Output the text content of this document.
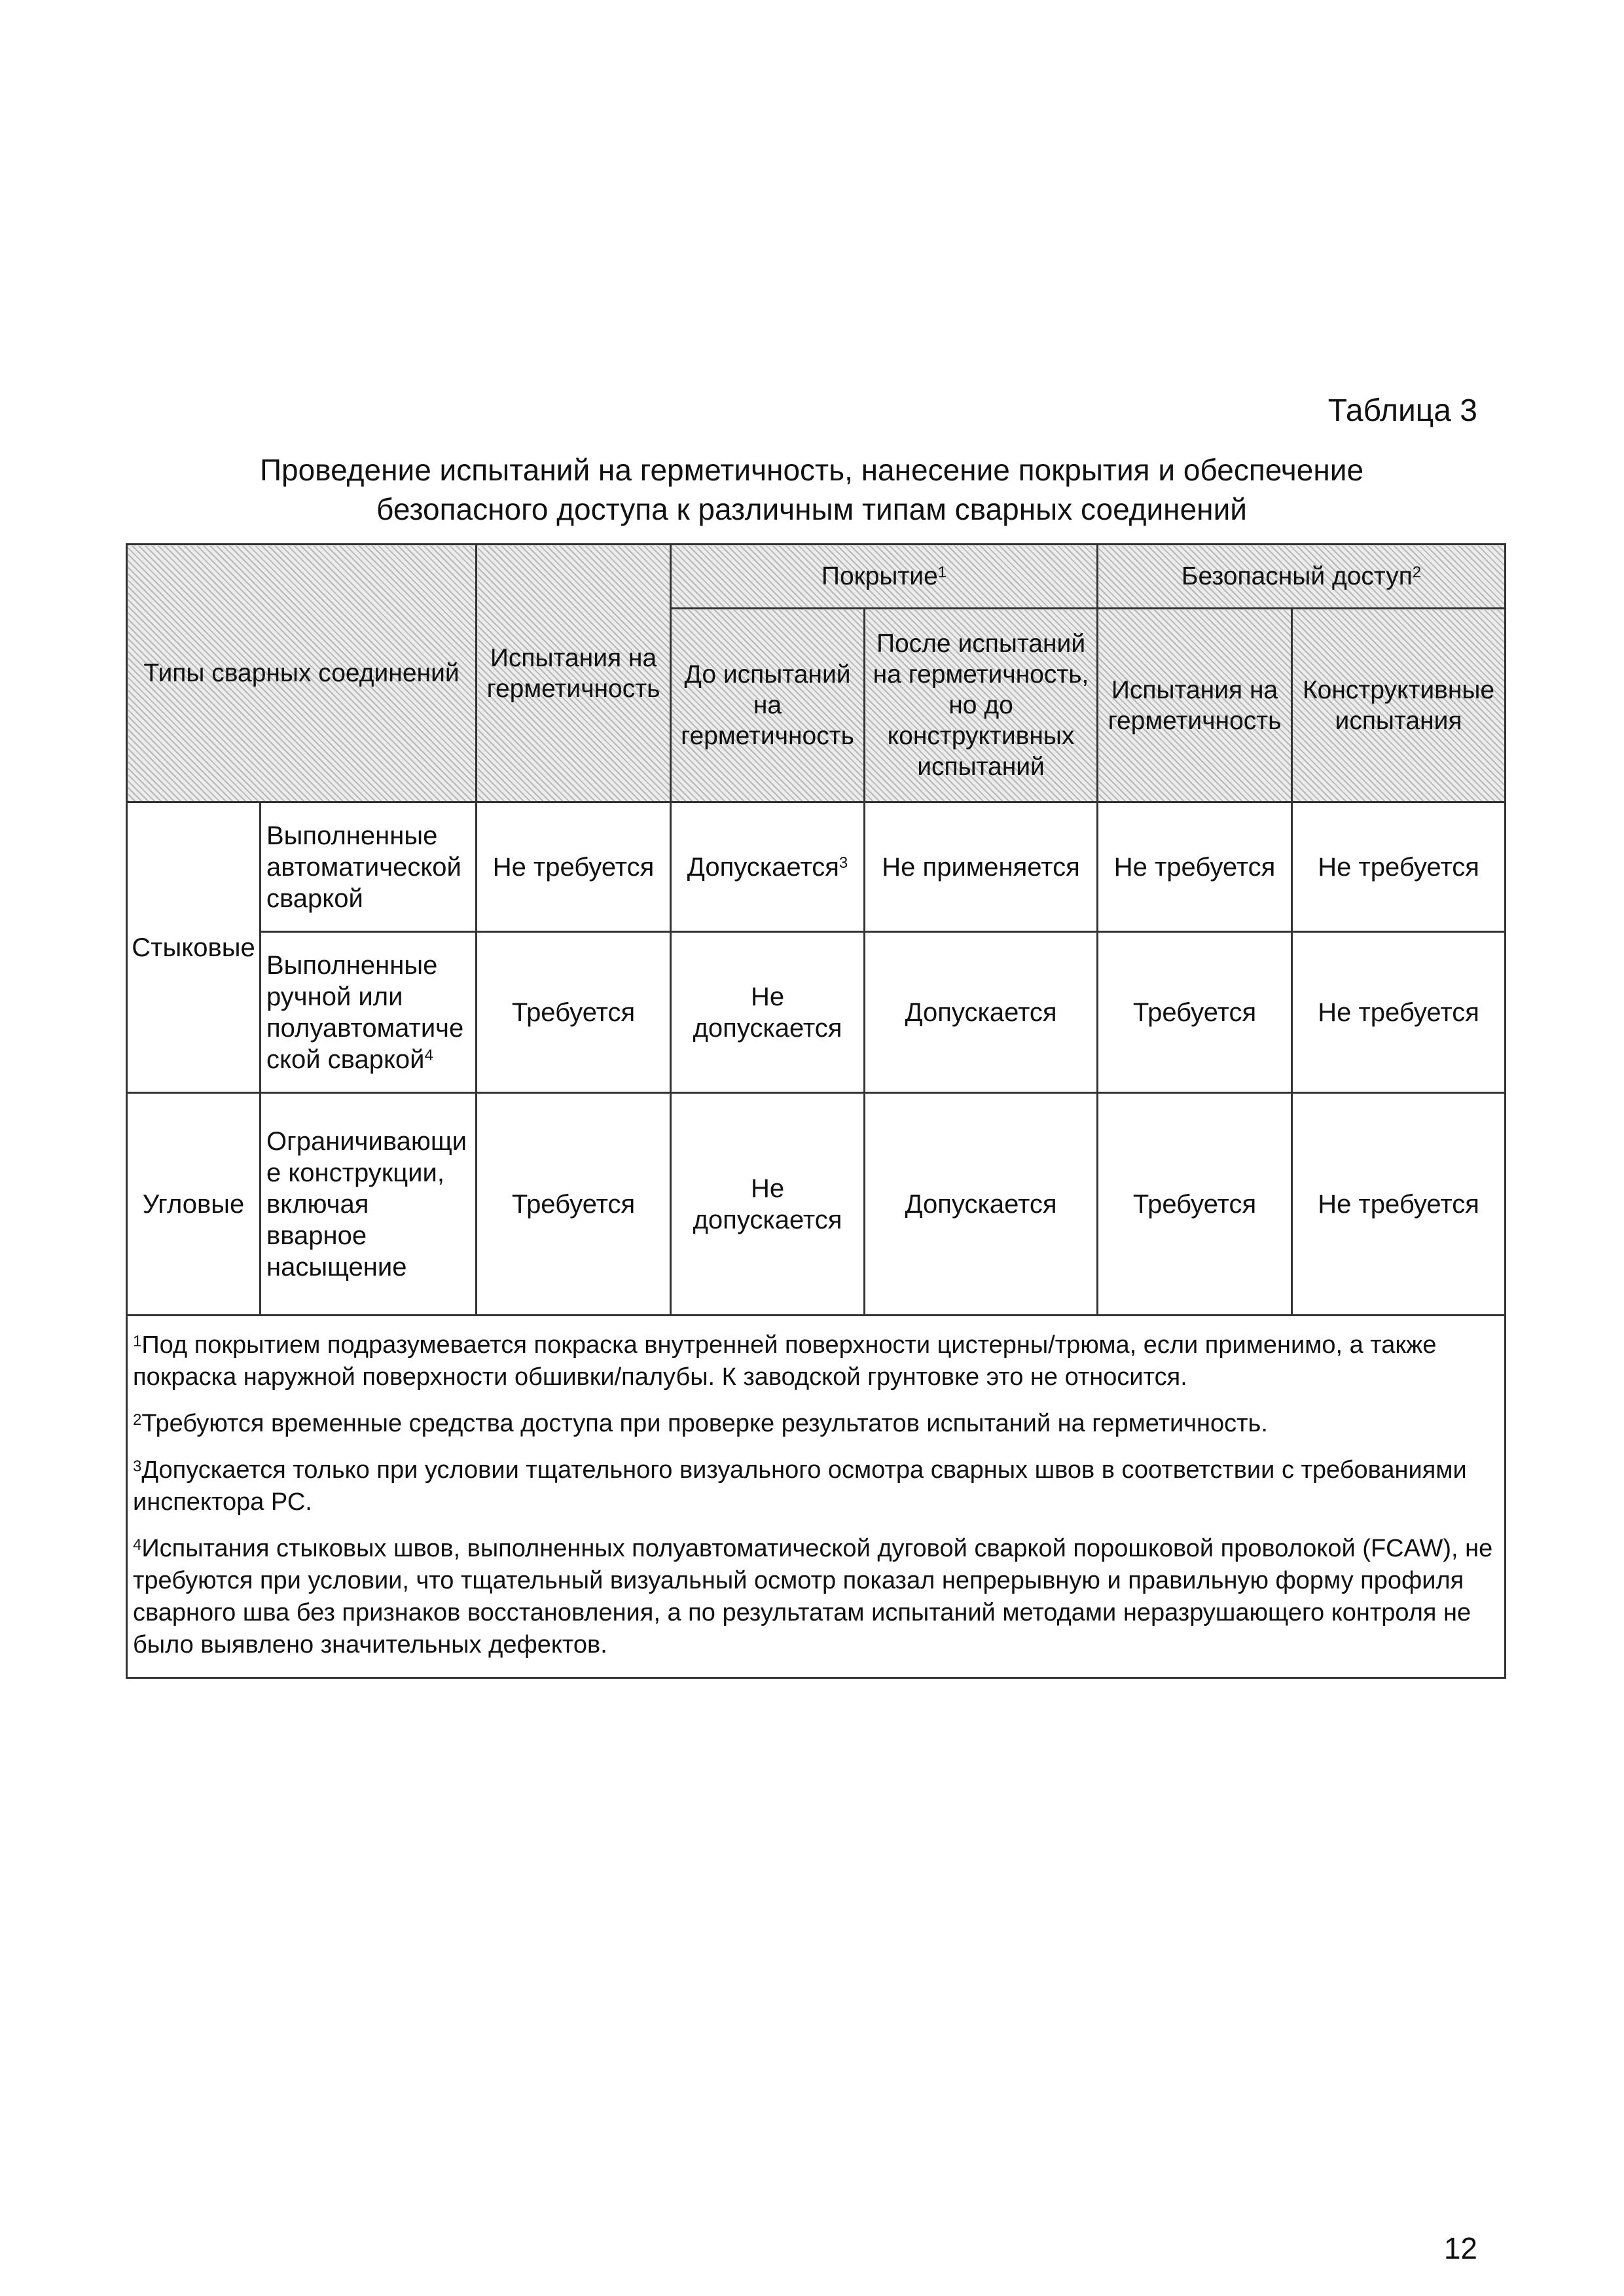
Таблица 3
Проведение испытаний на герметичность, нанесение покрытия и обеспечение
безопасного доступа к различным типам сварных соединений
Типы сварных соединений		Испытания на герметичность	Покрытие$^1$		Безопасный доступ$^2$
			До испытаний на герметичность	После испытаний на герметичность, но до конструктивных испытаний	Испытания на герметичность	Конструктивные испытания
Стыковые	Выполненные автоматической сваркой	Не требуется	Допускается$^3$	Не применяется	Не требуется	Не требуется
	Выполненные ручной или полуавтоматиче ской сваркой$^4$	Требуется	Не допускается	Допускается	Требуется	Не требуется
Угловые	Ограничивающи е конструкции, включая вварное насыщение	Требуется	Не допускается	Допускается	Требуется	Не требуется

$^1$Под покрытием подразумевается покраска внутренней поверхности цистерны/трюма, если применимо, а также покраска наружной поверхности обшивки/палубы. К заводской грунтовке это не относится.
$^2$Требуются временные средства доступа при проверке результатов испытаний на герметичность.
$^3$Допускается только при условии тщательного визуального осмотра сварных швов в соответствии с требованиями инспектора РС.
$^4$Испытания стыковых швов, выполненных полуавтоматической дуговой сваркой порошковой проволокой (FCAW), не требуются при условии, что тщательный визуальный осмотр показал непрерывную и правильную форму профиля сварного шва без признаков восстановления, а по результатам испытаний методами неразрушающего контроля не было выявлено значительных дефектов.						
12
